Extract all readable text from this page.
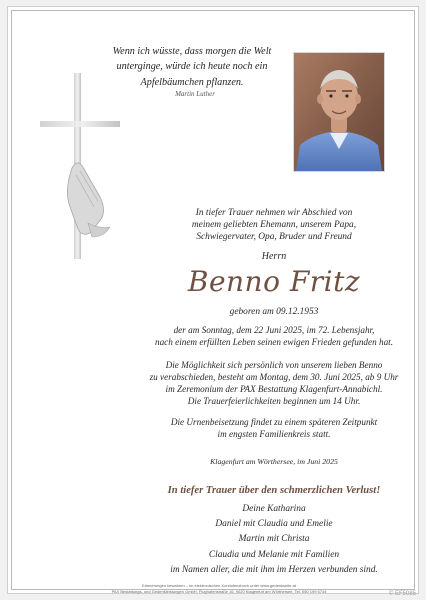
Wenn ich wüsste, dass morgen die Welt
unterginge, würde ich heute noch ein
Apfelbäumchen pflanzen.
Martin Luther
In tiefer Trauer nehmen wir Abschied von
meinem geliebten Ehemann, unserem Papa,
Schwiegervater, Opa, Bruder und Freund
Herrn
Benno Fritz
geboren am 09.12.1953
der am Sonntag, dem 22 Juni 2025, im 72. Lebensjahr,
nach einem erfüllten Leben seinen ewigen Frieden gefunden hat.
Die Möglichkeit sich persönlich von unserem lieben Benno
zu verabschieden, besteht am Montag, dem 30. Juni 2025, ab 9 Uhr
im Zeremonium der PAX Bestattung Klagenfurt-Annabichl.
Die Trauerfeierlichkeiten beginnen um 14 Uhr.
Die Urnenbeisetzung findet zu einem späteren Zeitpunkt
im engsten Familienkreis statt.
Klagenfurt am Wörthersee, im Juni 2025
In tiefer Trauer über den schmerzlichen Verlust!
Deine Katharina
Daniel mit Claudia und Emelie
Martin mit Christa
Claudia und Melanie mit Familien
im Namen aller, die mit ihm im Herzen verbunden sind.
Erinnerungen bewahren – im elektronischen Kondolenzbuch unter www.gedenkseite.at
PAX Bestattungs- und Gedenkleistungen GmbH, Flughafenstraße 16, 9020 Klagenfurt am Wörthersee, Tel. 050 199 6744	© EF5085
